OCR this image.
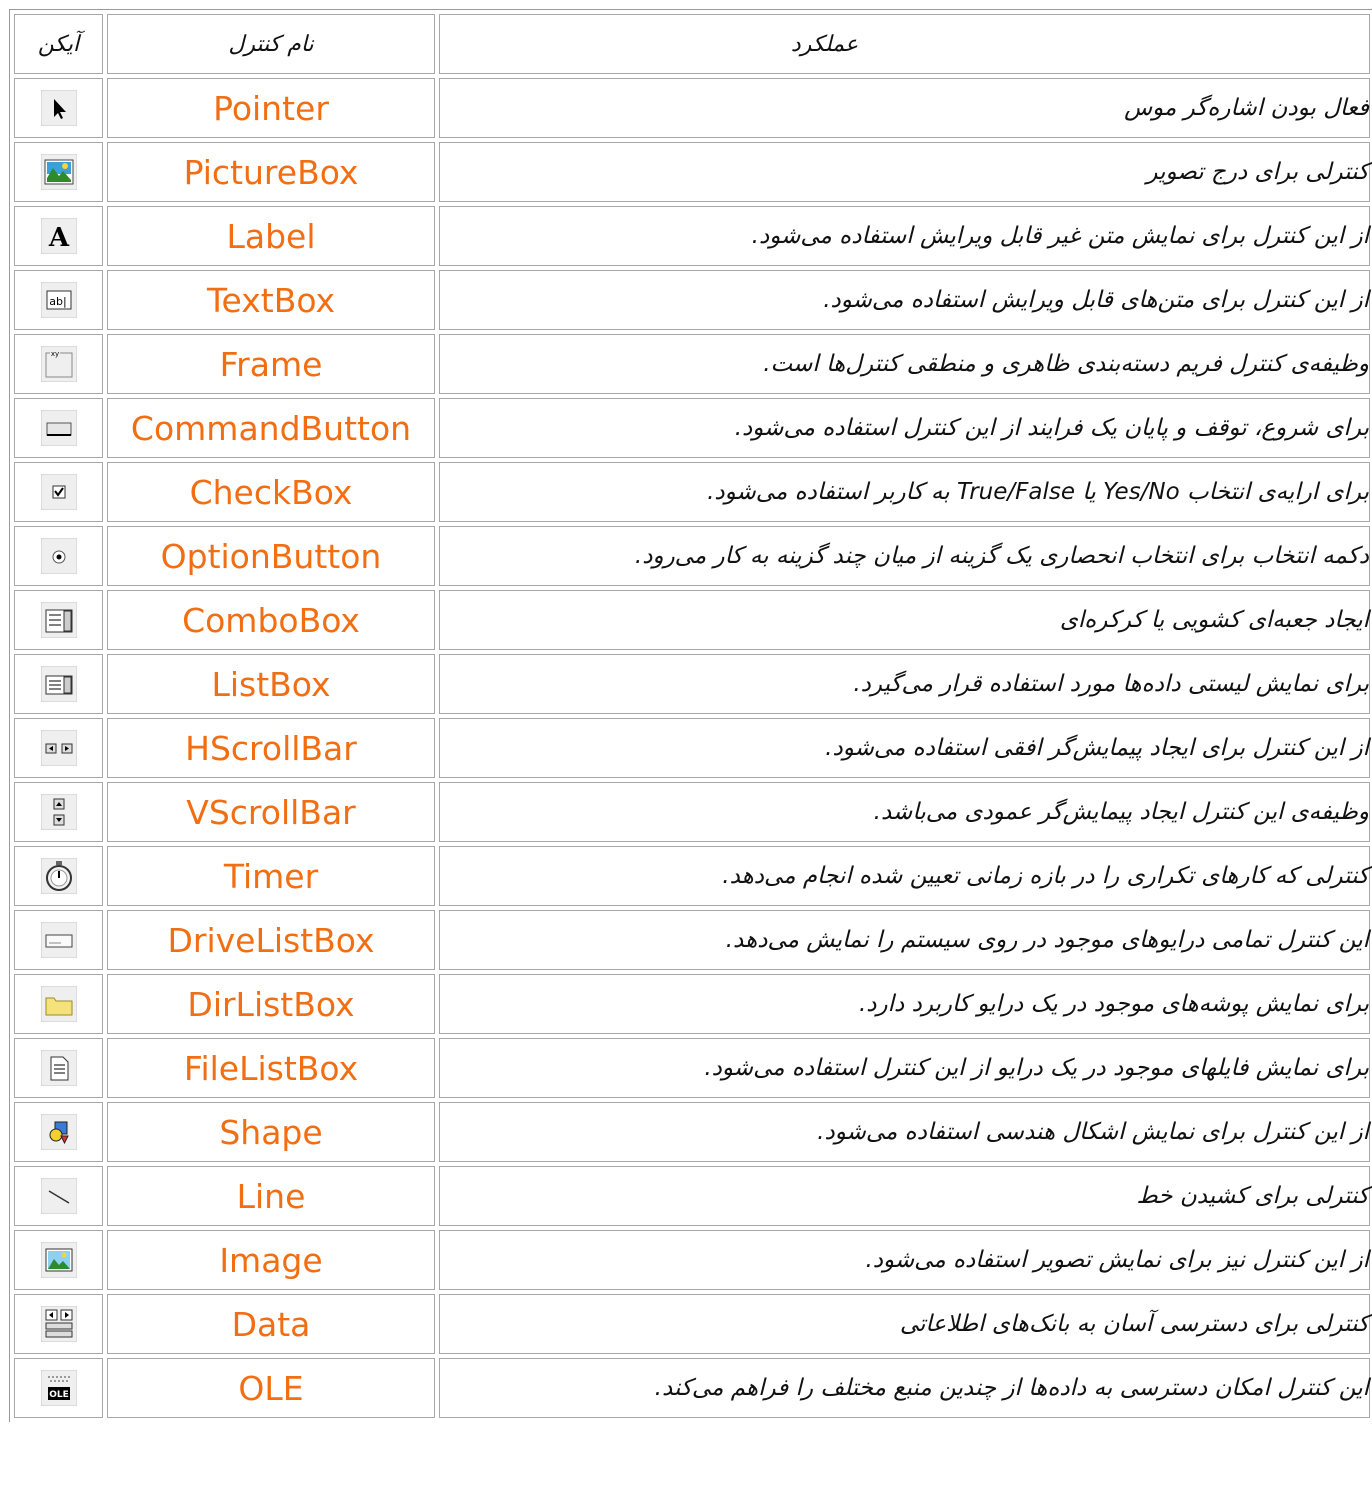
آیکن	نام کنترل	عملکرد

	Pointer	فعال بودن اشاره‌گر موس

	PictureBox	کنترلی برای درج تصویر

A	Label	از این کنترل برای نمایش متن غیر قابل ویرایش استفاده می‌شود.

ab|	TextBox	از این کنترل برای متن‌های قابل ویرایش استفاده می‌شود.

xy	Frame	وظیفه‌ی کنترل فریم دسته‌بندی ظاهری و منطقی کنترل‌ها است.

	CommandButton	برای شروع، توقف و پایان یک فرایند از این کنترل استفاده می‌شود.

	CheckBox	برای ارایه‌ی انتخاب Yes/No یا True/False به کاربر استفاده می‌شود.

	OptionButton	دکمه انتخاب برای انتخاب انحصاری یک گزینه از میان چند گزینه به کار می‌رود.

	ComboBox	ایجاد جعبه‌ای کشویی یا کرکره‌ای

	ListBox	برای نمایش لیستی داده‌ها مورد استفاده قرار می‌گیرد.

	HScrollBar	از این کنترل برای ایجاد پیمایش‌گر افقی استفاده می‌شود.

	VScrollBar	وظیفه‌ی این کنترل ایجاد پیمایش‌گر عمودی می‌باشد.

	Timer	کنترلی که کارهای تکراری را در بازه زمانی تعیین شده انجام می‌دهد.

	DriveListBox	این کنترل تمامی درایوهای موجود در روی سیستم را نمایش می‌دهد.

	DirListBox	برای نمایش پوشه‌های موجود در یک درایو کاربرد دارد.

	FileListBox	برای نمایش فایلهای موجود در یک درایو از این کنترل استفاده می‌شود.

	Shape	از این کنترل برای نمایش اشکال هندسی استفاده می‌شود.

	Line	کنترلی برای کشیدن خط

	Image	از این کنترل نیز برای نمایش تصویر استفاده می‌شود.

	Data	کنترلی برای دسترسی آسان به بانک‌های اطلاعاتی

OLE	OLE	این کنترل امکان دسترسی به داده‌ها از چندین منبع مختلف را فراهم می‌کند.
